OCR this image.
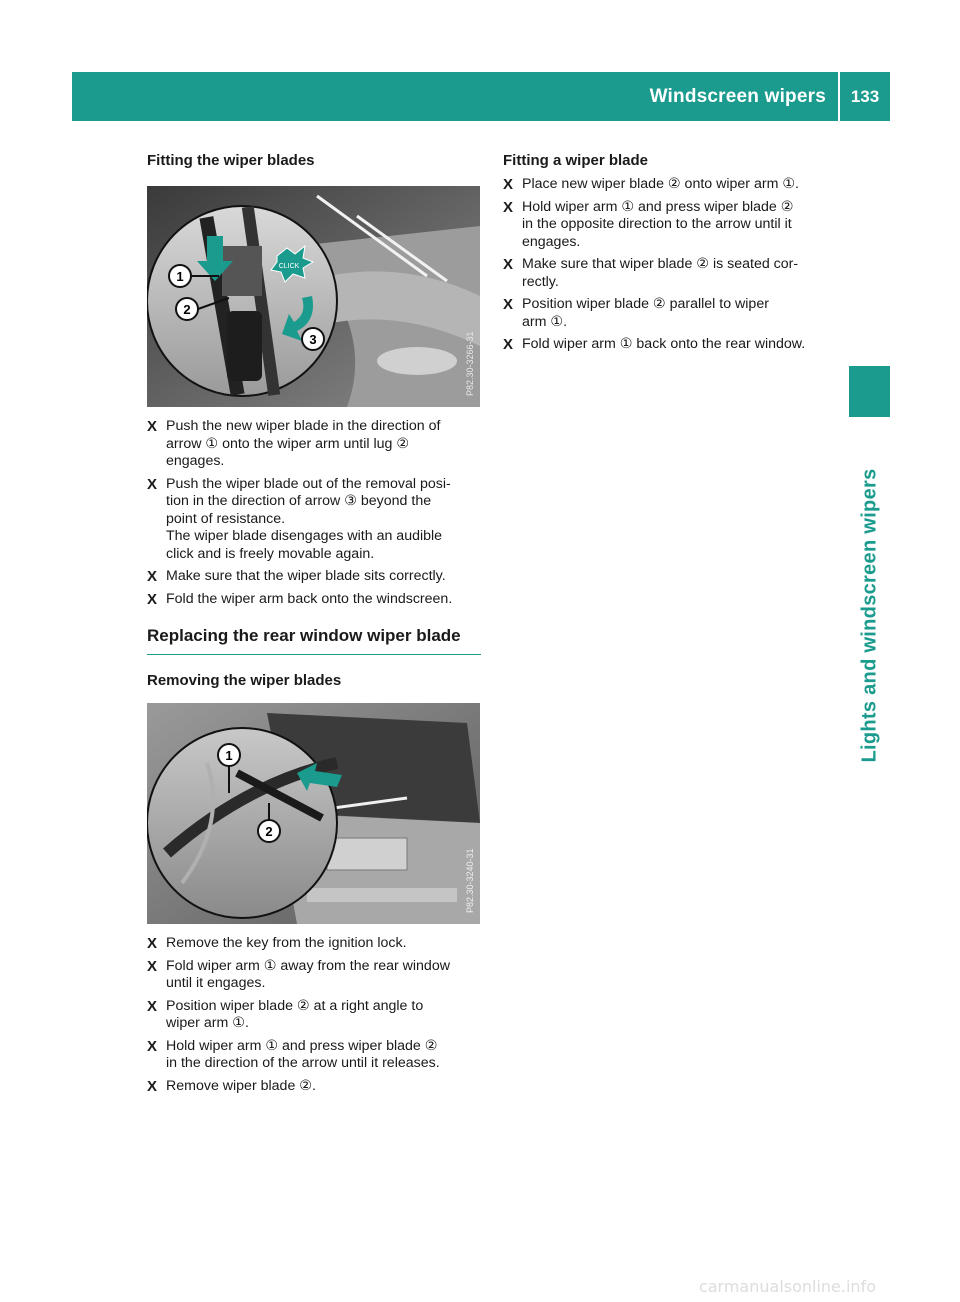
Windscreen wipers	133
Lights and windscreen wipers
Fitting the wiper blades
CLICK
1
2
3	P82.30-3266-31
X Push the new wiper blade in the direction of
arrow ① onto the wiper arm until lug ②
engages.
X Push the wiper blade out of the removal posi-
tion in the direction of arrow ③ beyond the
point of resistance.
The wiper blade disengages with an audible
click and is freely movable again.
X Make sure that the wiper blade sits correctly.
X Fold the wiper arm back onto the windscreen.
Replacing the rear window wiper blade
Removing the wiper blades
1
2
P82.30-3240-31
X Remove the key from the ignition lock.
X Fold wiper arm ① away from the rear window
until it engages.
X Position wiper blade ② at a right angle to
wiper arm ①.
X Hold wiper arm ① and press wiper blade ②
in the direction of the arrow until it releases.
X Remove wiper blade ②.
Fitting a wiper blade
X Place new wiper blade ② onto wiper arm ①.
X Hold wiper arm ① and press wiper blade ②
in the opposite direction to the arrow until it
engages.
X Make sure that wiper blade ② is seated cor-
rectly.
X Position wiper blade ② parallel to wiper
arm ①.
X Fold wiper arm ① back onto the rear window.
carmanualsonline.info
